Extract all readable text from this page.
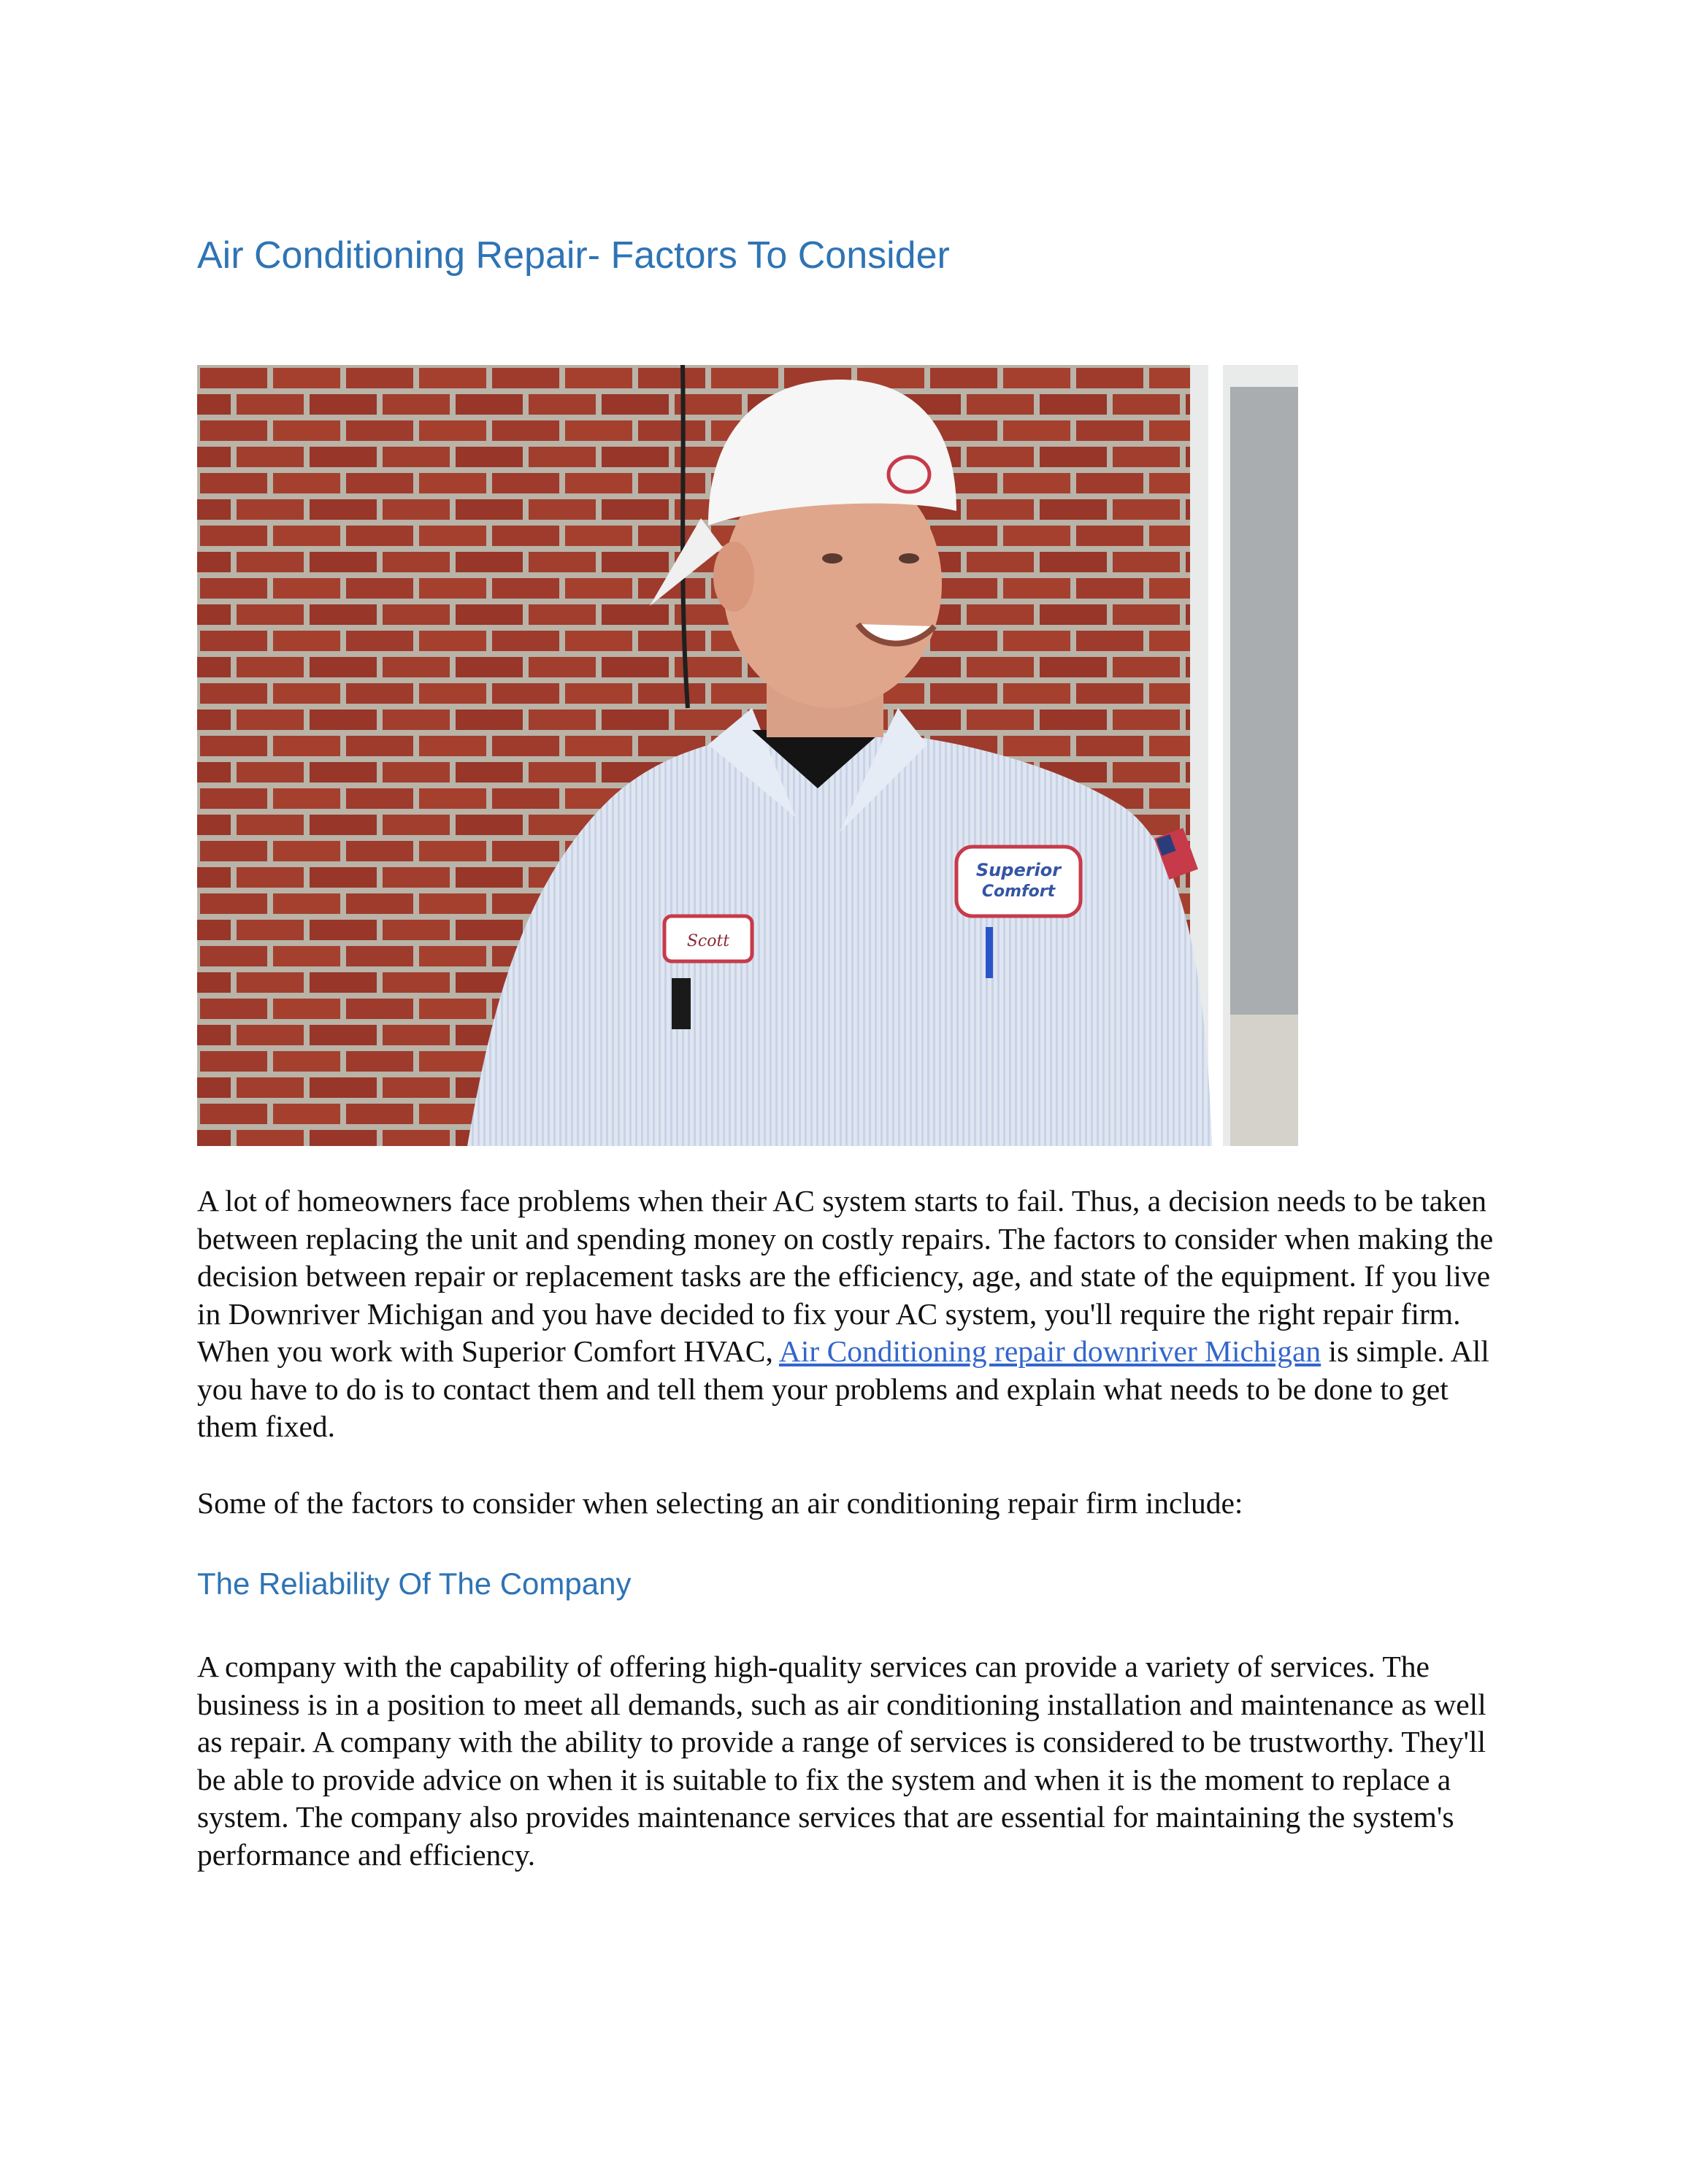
Air Conditioning Repair- Factors To Consider
Scott
Superior
Comfort

A lot of homeowners face problems when their AC system starts to fail. Thus, a decision needs to be taken between replacing the unit and spending money on costly repairs. The factors to consider when making the decision between repair or replacement tasks are the efficiency, age, and state of the equipment. If you live in Downriver Michigan and you have decided to fix your AC system, you'll require the right repair firm. When you work with Superior Comfort HVAC, Air Conditioning repair downriver Michigan is simple. All you have to do is to contact them and tell them your problems and explain what needs to be done to get them fixed.

Some of the factors to consider when selecting an air conditioning repair firm include:

The Reliability Of The Company

A company with the capability of offering high-quality services can provide a variety of services. The business is in a position to meet all demands, such as air conditioning installation and maintenance as well as repair. A company with the ability to provide a range of services is considered to be trustworthy. They'll be able to provide advice on when it is suitable to fix the system and when it is the moment to replace a system. The company also provides maintenance services that are essential for maintaining the system's performance and efficiency.
